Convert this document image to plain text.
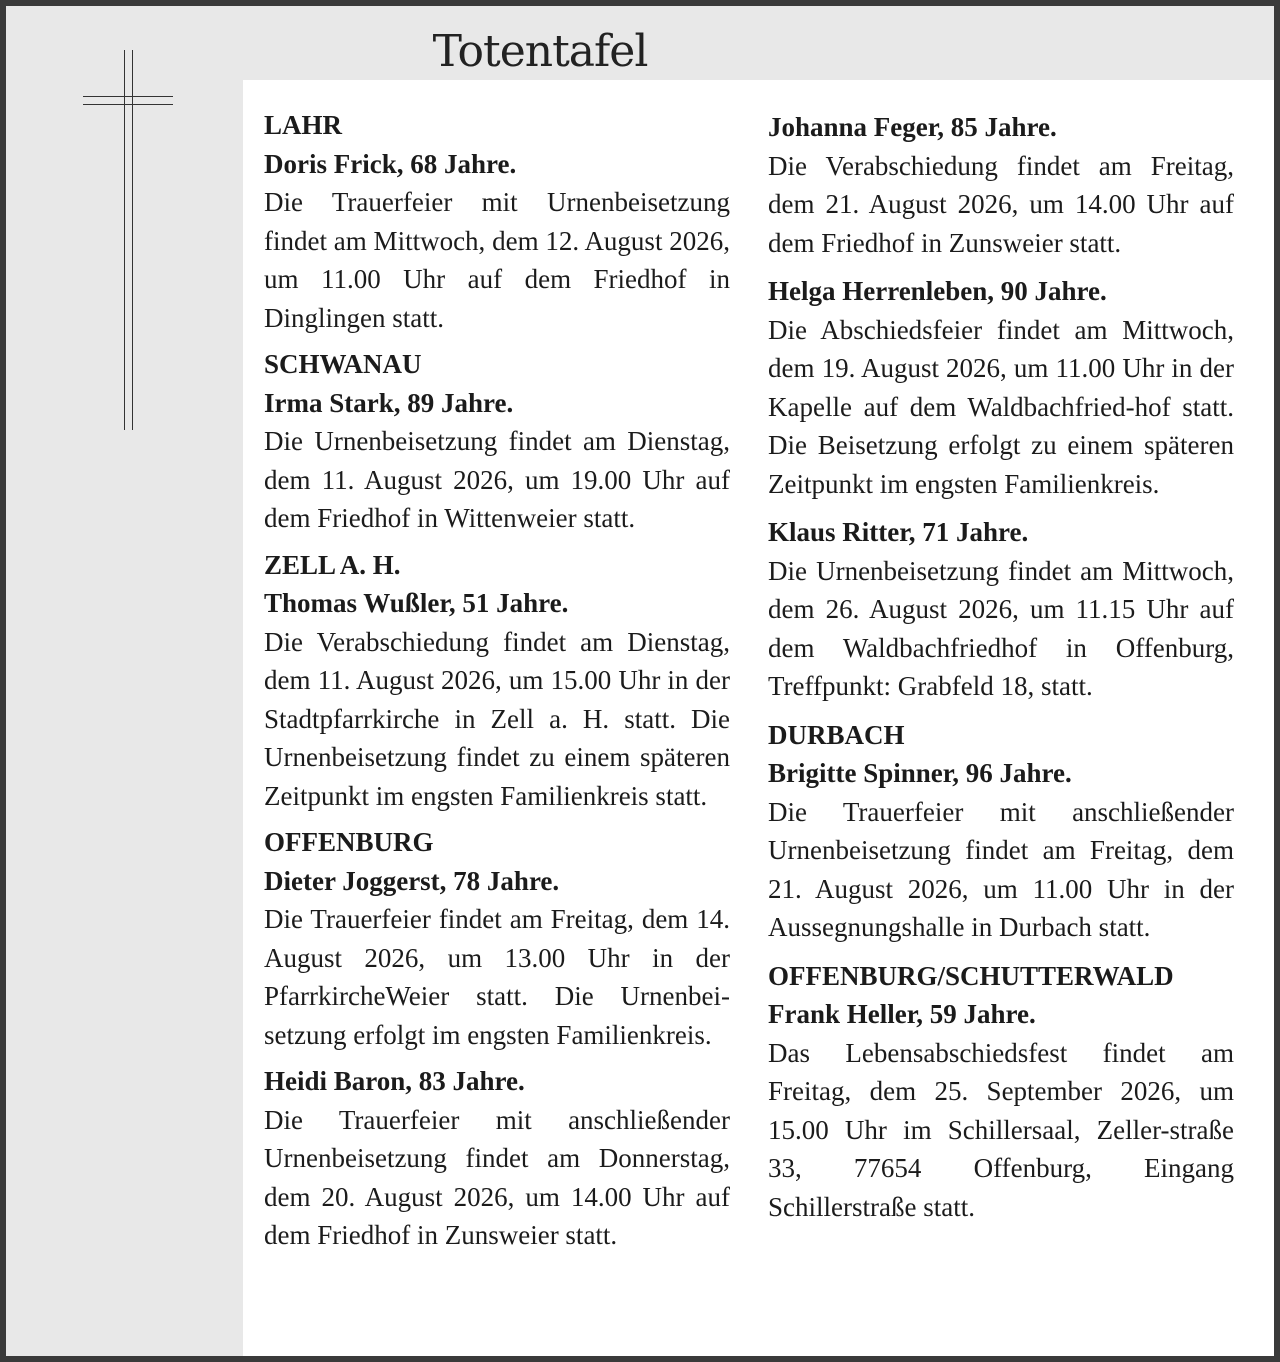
Totentafel

LAHR

Doris Frick, 68 Jahre.

Die Trauerfeier mit Urnenbeisetzung findet am Mittwoch, dem 12. August 2026, um 11.00 Uhr auf dem Friedhof in Dinglingen statt.

SCHWANAU

Irma Stark, 89 Jahre.

Die Urnenbeisetzung findet am Dienstag, dem 11. August 2026, um 19.00 Uhr auf dem Friedhof in Wittenweier statt.

ZELL A. H.

Thomas Wußler, 51 Jahre.

Die Verabschiedung findet am Dienstag, dem 11. August 2026, um 15.00 Uhr in der Stadtpfarrkirche in Zell a. H. statt. Die Urnenbeisetzung findet zu einem späteren Zeitpunkt im engsten Familienkreis statt.

OFFENBURG

Dieter Joggerst, 78 Jahre.

Die Trauerfeier findet am Freitag, dem 14. August 2026, um 13.00 Uhr in der PfarrkircheWeier statt. Die Urnenbei-setzung erfolgt im engsten Familienkreis.

Heidi Baron, 83 Jahre.

Die Trauerfeier mit anschließender Urnenbeisetzung findet am Donnerstag, dem 20. August 2026, um 14.00 Uhr auf dem Friedhof in Zunsweier statt.

Johanna Feger, 85 Jahre.

Die Verabschiedung findet am Freitag, dem 21. August 2026, um 14.00 Uhr auf dem Friedhof in Zunsweier statt.

Helga Herrenleben, 90 Jahre.

Die Abschiedsfeier findet am Mittwoch, dem 19. August 2026, um 11.00 Uhr in der Kapelle auf dem Waldbachfried-hof statt. Die Beisetzung erfolgt zu einem späteren Zeitpunkt im engsten Familienkreis.

Klaus Ritter, 71 Jahre.

Die Urnenbeisetzung findet am Mittwoch, dem 26. August 2026, um 11.15 Uhr auf dem Waldbachfriedhof in Offenburg, Treffpunkt: Grabfeld 18, statt.

DURBACH

Brigitte Spinner, 96 Jahre.

Die Trauerfeier mit anschließender Urnenbeisetzung findet am Freitag, dem 21. August 2026, um 11.00 Uhr in der Aussegnungshalle in Durbach statt.

OFFENBURG/SCHUTTERWALD

Frank Heller, 59 Jahre.

Das Lebensabschiedsfest findet am Freitag, dem 25. September 2026, um 15.00 Uhr im Schillersaal, Zeller-straße 33, 77654 Offenburg, Eingang Schillerstraße statt.
